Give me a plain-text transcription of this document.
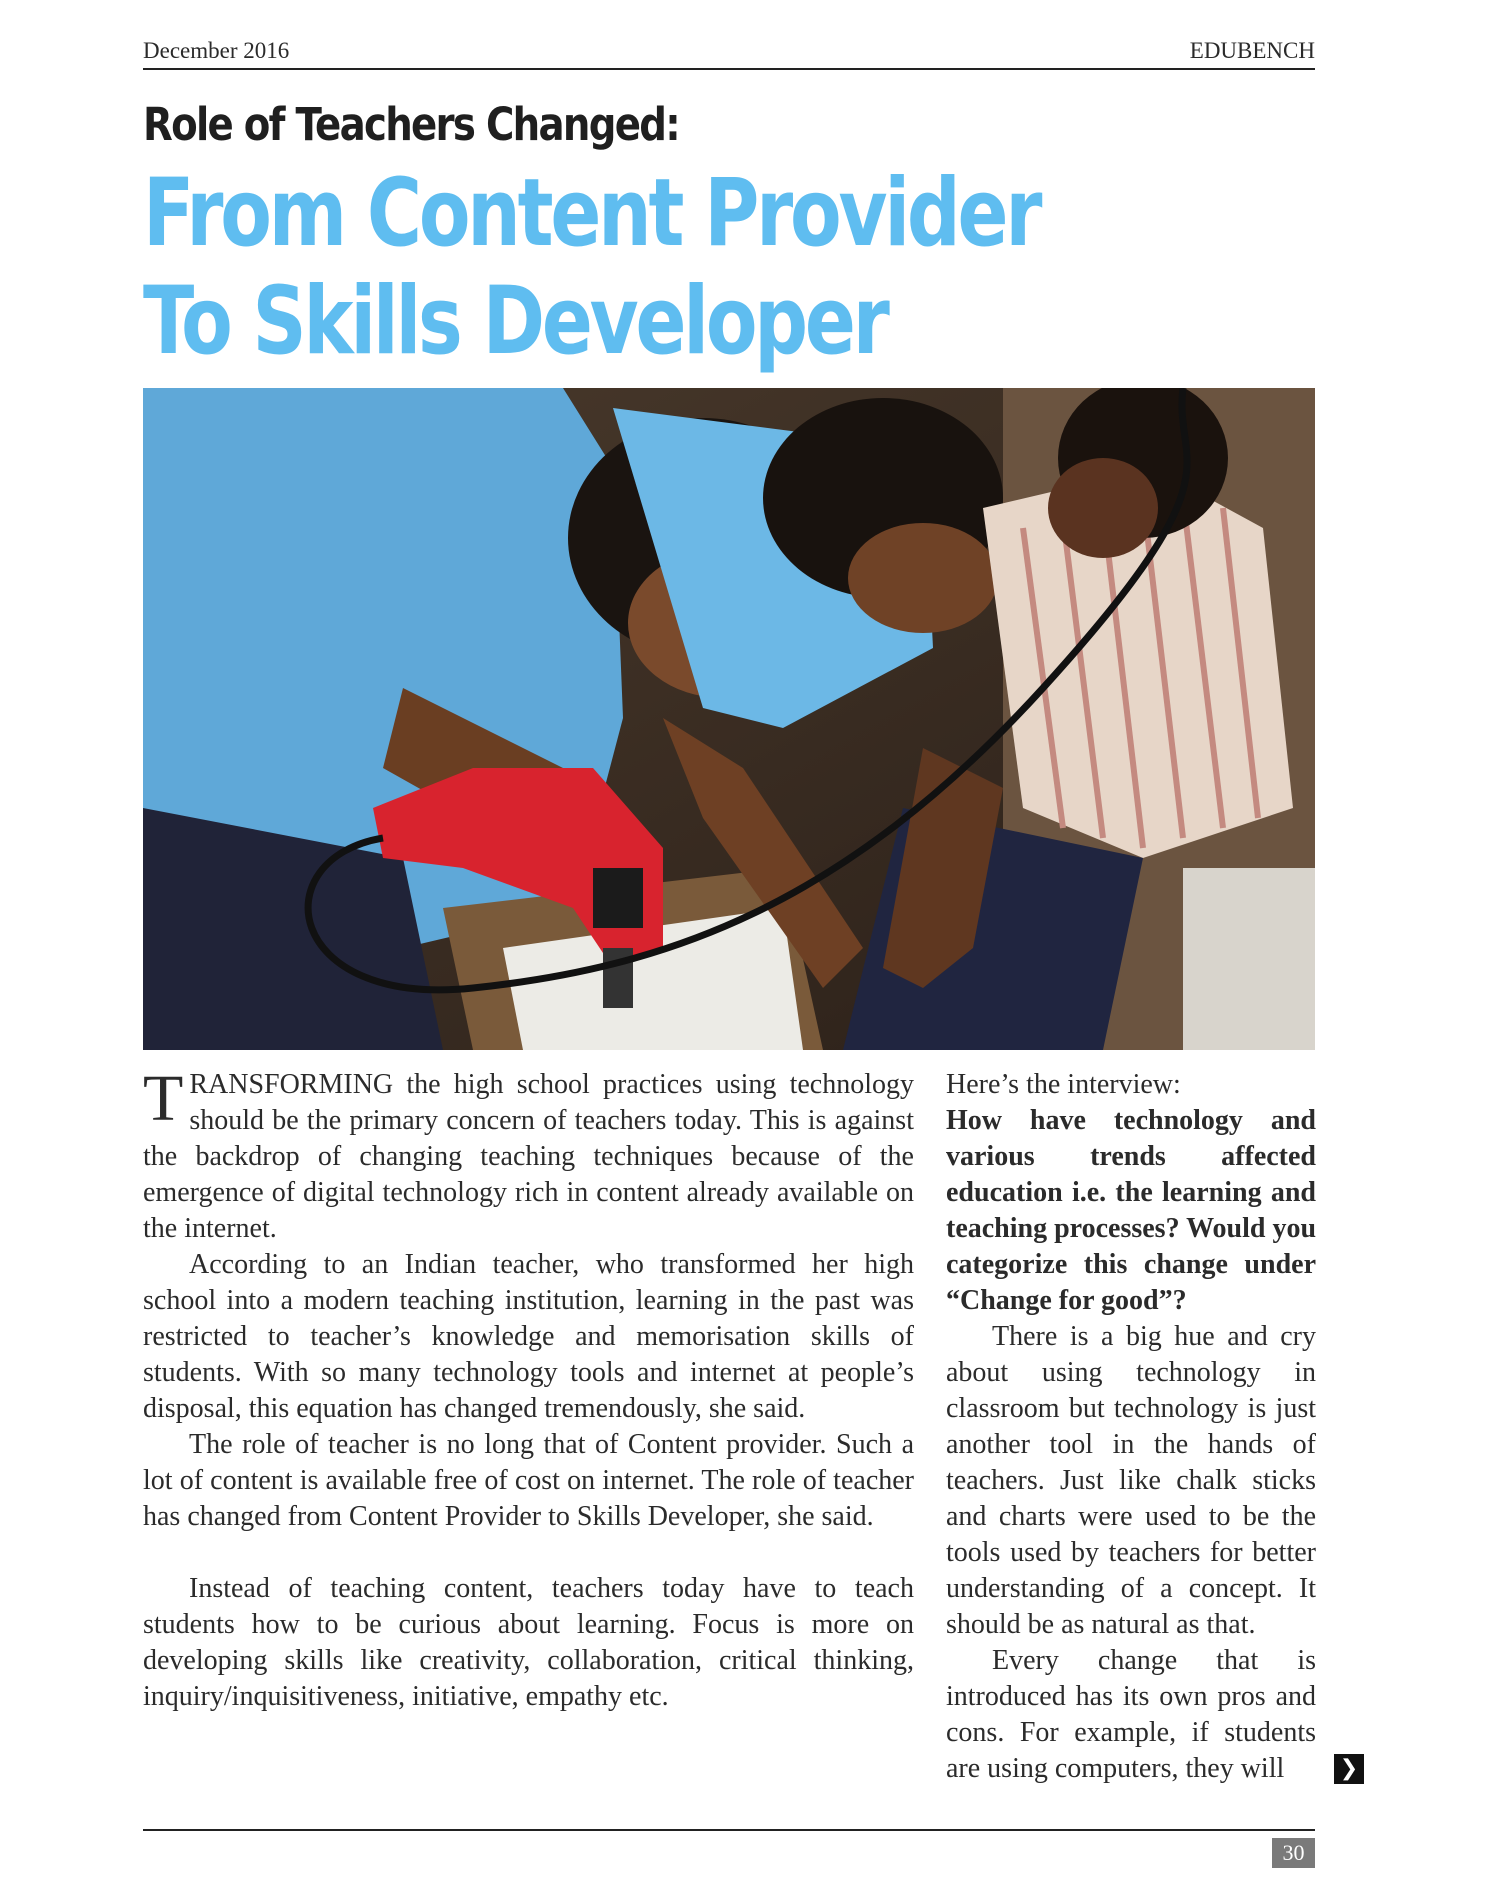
December 2016	EDUBENCH
Role of Teachers Changed:
From Content Provider
To Skills Developer

TRANSFORMING the high school practices using technology should be the primary concern of teachers today. This is against the backdrop of changing teaching techniques because of the emergence of digital technology rich in content already available on the internet.

According to an Indian teacher, who transformed her high school into a modern teaching institution, learning in the past was restricted to teacher’s knowledge and memorisation skills of students. With so many technology tools and internet at people’s disposal, this equation has changed tremendously, she said.

The role of teacher is no long that of Content provider. Such a lot of content is available free of cost on internet. The role of teacher has changed from Content Provider to Skills Developer, she said.

Instead of teaching content, teachers today have to teach students how to be curious about learning. Focus is more on developing skills like creativity, collaboration, critical thinking, inquiry/inquisitiveness, initiative, empathy etc.

Here’s the interview:

How have technology and various trends affected education i.e. the learning and teaching processes? Would you categorize this change under “Change for good”?

There is a big hue and cry about using technology in classroom but technology is just another tool in the hands of teachers. Just like chalk sticks and charts were used to be the tools used by teachers for better understanding of a concept. It should be as natural as that.

Every change that is introduced has its own pros and cons. For example, if students are using computers, they will	❯
30
